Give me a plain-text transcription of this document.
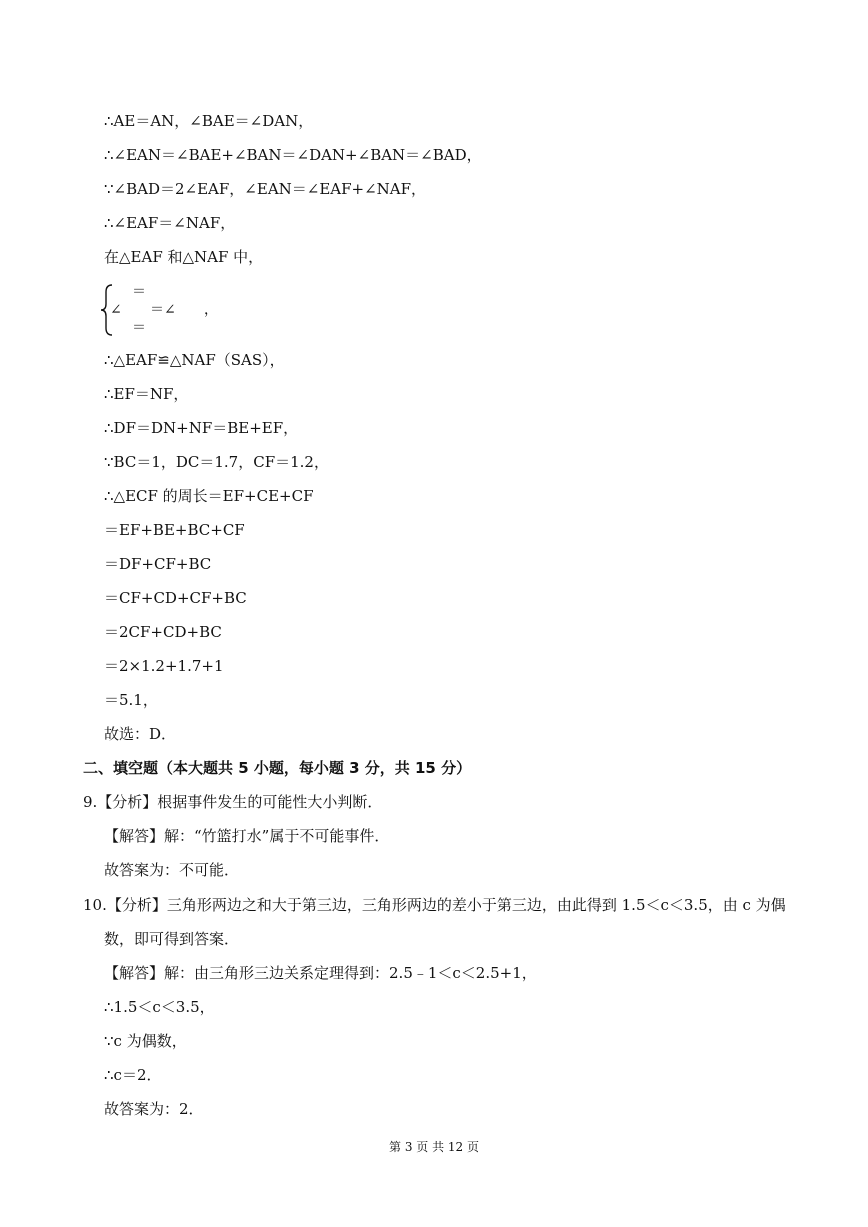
∴AE＝AN，∠BAE＝∠DAN，
∴∠EAN＝∠BAE+∠BAN＝∠DAN+∠BAN＝∠BAD，
∵∠BAD＝2∠EAF，∠EAN＝∠EAF+∠NAF，
∴∠EAF＝∠NAF，
在△EAF 和△NAF 中，
＝
∠ ＝∠ ，
＝
∴△EAF≌△NAF（SAS），
∴EF＝NF，
∴DF＝DN+NF＝BE+EF，
∵BC＝1，DC＝1.7，CF＝1.2，
∴△ECF 的周长＝EF+CE+CF
＝EF+BE+BC+CF
＝DF+CF+BC
＝CF+CD+CF+BC
＝2CF+CD+BC
＝2×1.2+1.7+1
＝5.1，
故选：D．
二、填空题（本大题共 5 小题，每小题 3 分，共 15 分）
9.【分析】根据事件发生的可能性大小判断．
【解答】解：“竹篮打水”属于不可能事件．
故答案为：不可能．
10.【分析】三角形两边之和大于第三边，三角形两边的差小于第三边，由此得到 1.5＜c＜3.5，由 c 为偶
数，即可得到答案．
【解答】解：由三角形三边关系定理得到：2.5﹣1＜c＜2.5+1，
∴1.5＜c＜3.5，
∵c 为偶数，
∴c＝2．
故答案为：2．
第 3 页 共 12 页
